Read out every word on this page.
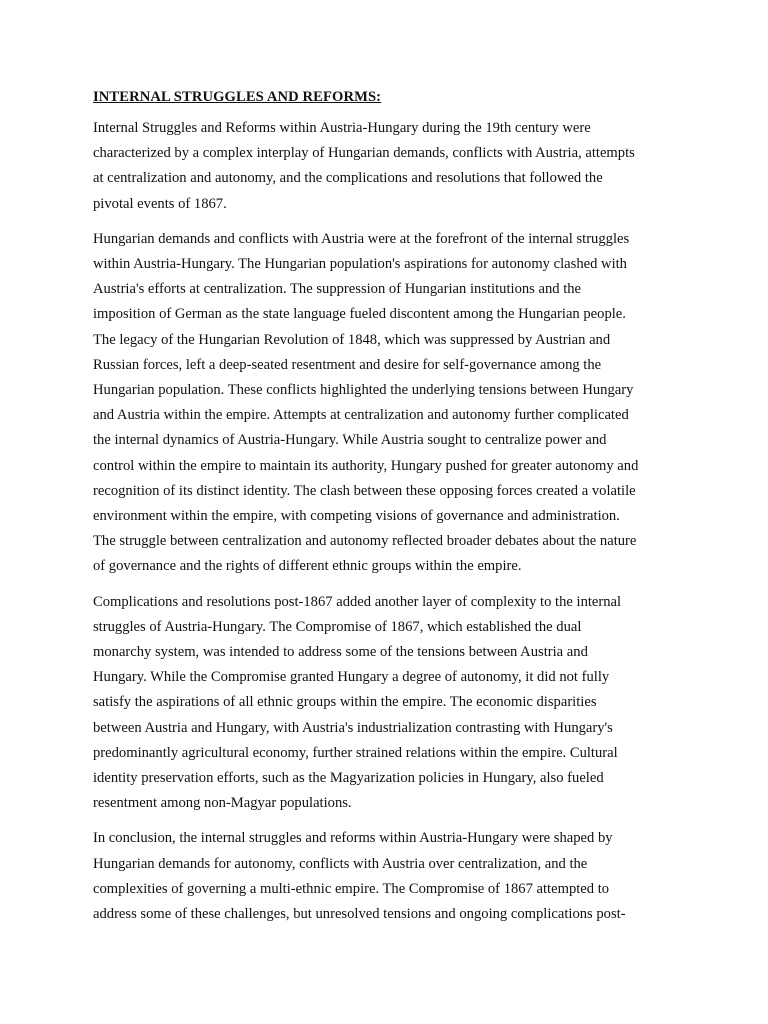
INTERNAL STRUGGLES AND REFORMS:
Internal Struggles and Reforms within Austria-Hungary during the 19th century were
characterized by a complex interplay of Hungarian demands, conflicts with Austria, attempts
at centralization and autonomy, and the complications and resolutions that followed the
pivotal events of 1867.
Hungarian demands and conflicts with Austria were at the forefront of the internal struggles
within Austria-Hungary. The Hungarian population's aspirations for autonomy clashed with
Austria's efforts at centralization. The suppression of Hungarian institutions and the
imposition of German as the state language fueled discontent among the Hungarian people.
The legacy of the Hungarian Revolution of 1848, which was suppressed by Austrian and
Russian forces, left a deep-seated resentment and desire for self-governance among the
Hungarian population. These conflicts highlighted the underlying tensions between Hungary
and Austria within the empire. Attempts at centralization and autonomy further complicated
the internal dynamics of Austria-Hungary. While Austria sought to centralize power and
control within the empire to maintain its authority, Hungary pushed for greater autonomy and
recognition of its distinct identity. The clash between these opposing forces created a volatile
environment within the empire, with competing visions of governance and administration.
The struggle between centralization and autonomy reflected broader debates about the nature
of governance and the rights of different ethnic groups within the empire.
Complications and resolutions post-1867 added another layer of complexity to the internal
struggles of Austria-Hungary. The Compromise of 1867, which established the dual
monarchy system, was intended to address some of the tensions between Austria and
Hungary. While the Compromise granted Hungary a degree of autonomy, it did not fully
satisfy the aspirations of all ethnic groups within the empire. The economic disparities
between Austria and Hungary, with Austria's industrialization contrasting with Hungary's
predominantly agricultural economy, further strained relations within the empire. Cultural
identity preservation efforts, such as the Magyarization policies in Hungary, also fueled
resentment among non-Magyar populations.
In conclusion, the internal struggles and reforms within Austria-Hungary were shaped by
Hungarian demands for autonomy, conflicts with Austria over centralization, and the
complexities of governing a multi-ethnic empire. The Compromise of 1867 attempted to
address some of these challenges, but unresolved tensions and ongoing complications post-
